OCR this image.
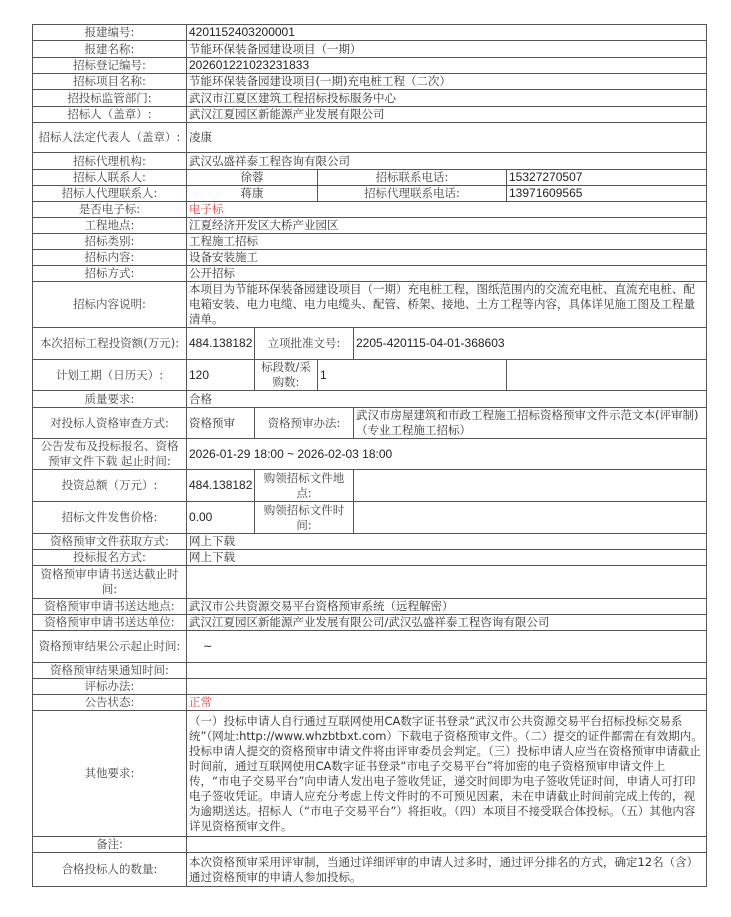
报建编号:	4201152403200001				
报建名称:	节能环保装备园建设项目（一期）				
招标登记编号:	202601221023231833				
招标项目名称:	节能环保装备园建设项目(一期)充电桩工程（二次）				
招投标监管部门:	武汉市江夏区建筑工程招标投标服务中心				
招标人（盖章）:	武汉江夏园区新能源产业发展有限公司				
招标人法定代表人（盖章）:	凌康				
招标代理机构:	武汉弘盛祥泰工程咨询有限公司				
招标人联系人:	徐蓉		招标联系电话:		15327270507
招标人代理联系人:	蒋康		招标代理联系电话:		13971609565
是否电子标:	电子标				
工程地点:	江夏经济开发区大桥产业园区				
招标类别:	工程施工招标				
招标内容:	设备安装施工				
招标方式:	公开招标				
招标内容说明:	本项目为节能环保装备园建设项目（一期）充电桩工程，图纸范围内的交流充电桩、直流充电桩、配电箱安装、电力电缆、电力电缆头、配管、桥架、接地、土方工程等内容，具体详见施工图及工程量清单。				
本次招标工程投资额(万元):	484.138182	立项批准文号:		2205-420115-04-01-368603	
计划工期（日历天）:	120	标段数/采购数:	1		
质量要求:	合格				
对投标人资格审查方式:	资格预审	资格预审办法:		武汉市房屋建筑和市政工程施工招标资格预审文件示范文本(评审制)（专业工程施工招标）	
公告发布及投标报名、资格预审文件下载 起止时间:	2026-01-29 18:00 ~ 2026-02-03 18:00				
投资总额（万元）:	484.138182	购领招标文件地点:			
招标文件发售价格:	0.00	购领招标文件时间:			
资格预审文件获取方式:	网上下载				
投标报名方式:	网上下载				
资格预审申请书送达截止时间:					
资格预审申请书送达地点:	武汉市公共资源交易平台资格预审系统（远程解密）				
资格预审申请书送达单位:	武汉江夏园区新能源产业发展有限公司/武汉弘盛祥泰工程咨询有限公司				
资格预审结果公示起止时间:	~				
资格预审结果通知时间:					
评标办法:					
公告状态:	正常				
其他要求:	（一）投标申请人自行通过互联网使用CA数字证书登录“武汉市公共资源交易平台招标投标交易系统”（网址:http://www.whzbtbxt.com）下载电子资格预审文件。（二）提交的证件都需在有效期内。投标申请人提交的资格预审申请文件将由评审委员会判定。（三）投标申请人应当在资格预审申请截止时间前，通过互联网使用CA数字证书登录“市电子交易平台”将加密的电子资格预审申请文件上传，“市电子交易平台”向申请人发出电子签收凭证，递交时间即为电子签收凭证时间，申请人可打印电子签收凭证。申请人应充分考虑上传文件时的不可预见因素，未在申请截止时间前完成上传的，视为逾期送达。招标人（“市电子交易平台”）将拒收。（四）本项目不接受联合体投标。（五）其他内容详见资格预审文件。				
备注:					
合格投标人的数量:	本次资格预审采用评审制，当通过详细评审的申请人过多时，通过评分排名的方式，确定12名（含）通过资格预审的申请人参加投标。				
